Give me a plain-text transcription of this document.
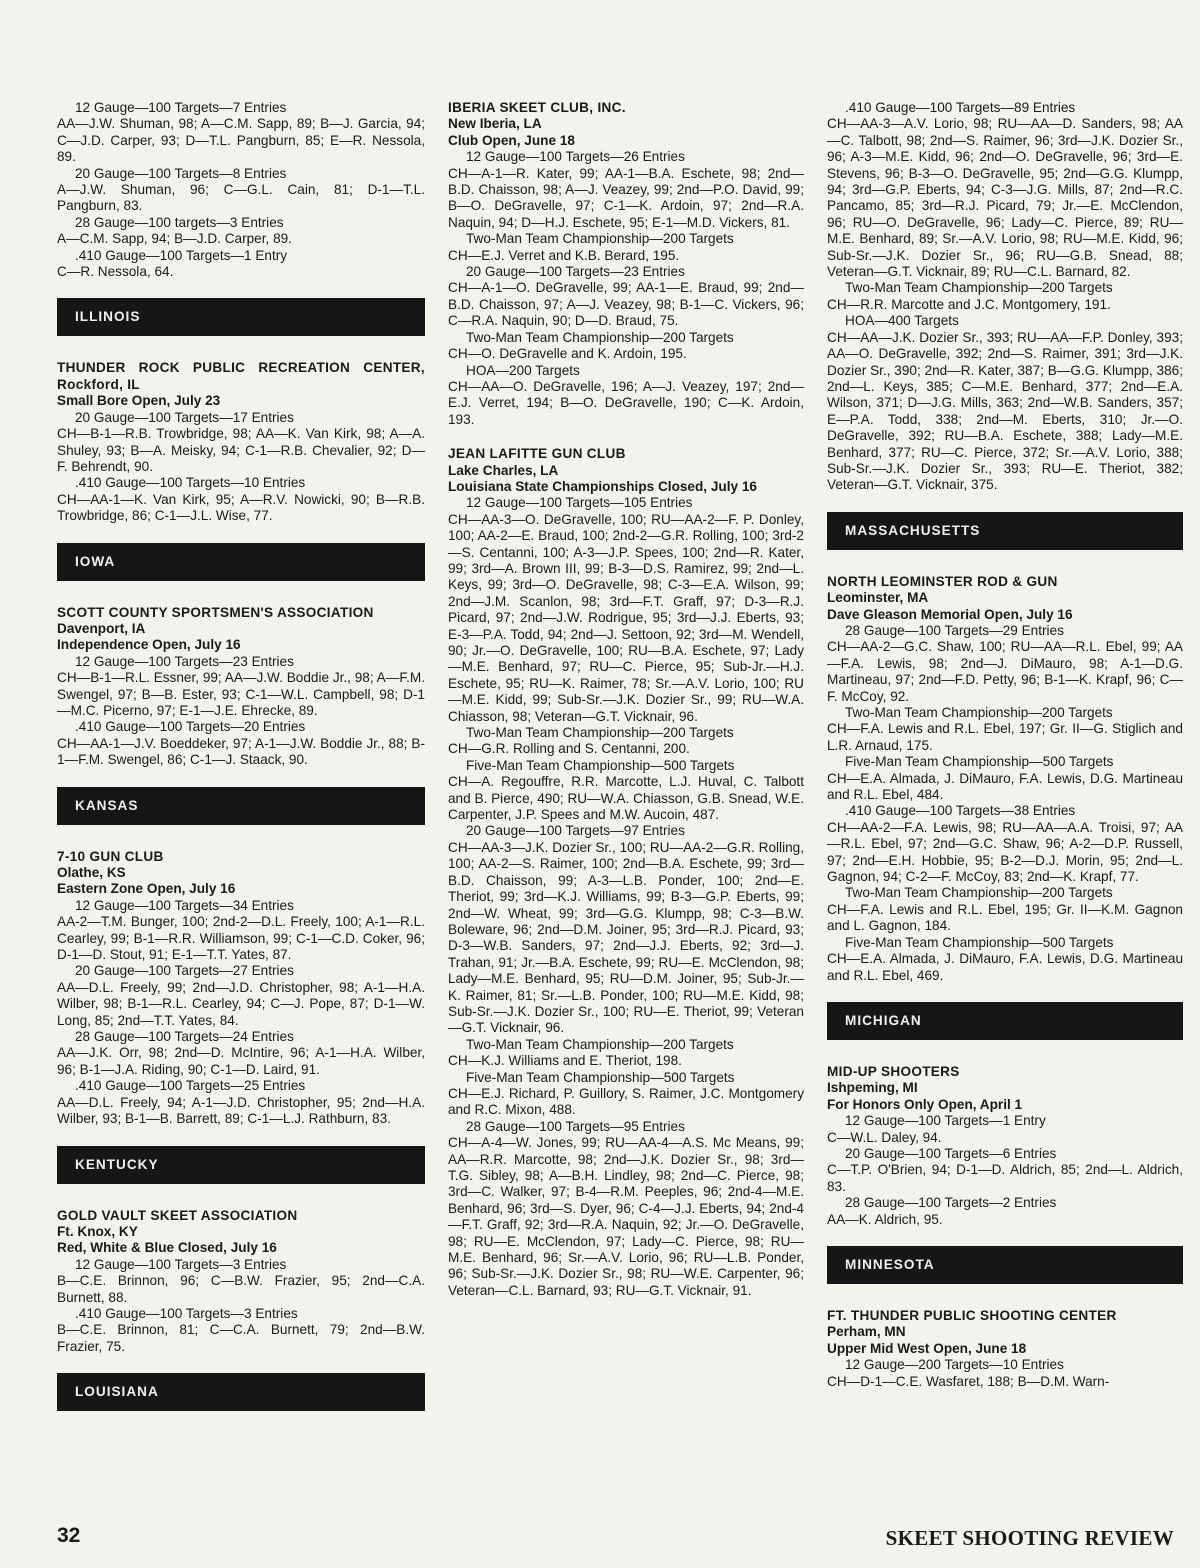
12 Gauge—100 Targets—7 Entries
AA—J.W. Shuman, 98; A—C.M. Sapp, 89; B—J. Garcia, 94; C—J.D. Carper, 93; D—T.L. Pangburn, 85; E—R. Nessola, 89.
20 Gauge—100 Targets—8 Entries
A—J.W. Shuman, 96; C—G.L. Cain, 81; D-1—T.L. Pangburn, 83.
28 Gauge—100 targets—3 Entries
A—C.M. Sapp, 94; B—J.D. Carper, 89.
.410 Gauge—100 Targets—1 Entry
C—R. Nessola, 64.
ILLINOIS
THUNDER ROCK PUBLIC RECREATION CENTER, Rockford, IL
Small Bore Open, July 23
20 Gauge—100 Targets—17 Entries
CH—B-1—R.B. Trowbridge, 98; AA—K. Van Kirk, 98; A—A. Shuley, 93; B—A. Meisky, 94; C-1—R.B. Chevalier, 92; D—F. Behrendt, 90.
.410 Gauge—100 Targets—10 Entries
CH—AA-1—K. Van Kirk, 95; A—R.V. Nowicki, 90; B—R.B. Trowbridge, 86; C-1—J.L. Wise, 77.
IOWA
SCOTT COUNTY SPORTSMEN'S ASSOCIATION
Davenport, IA
Independence Open, July 16
12 Gauge—100 Targets—23 Entries
CH—B-1—R.L. Essner, 99; AA—J.W. Boddie Jr., 98; A—F.M. Swengel, 97; B—B. Ester, 93; C-1—W.L. Campbell, 98; D-1—M.C. Picerno, 97; E-1—J.E. Ehrecke, 89.
.410 Gauge—100 Targets—20 Entries
CH—AA-1—J.V. Boeddeker, 97; A-1—J.W. Boddie Jr., 88; B-1—F.M. Swengel, 86; C-1—J. Staack, 90.
KANSAS
7-10 GUN CLUB
Olathe, KS
Eastern Zone Open, July 16
12 Gauge—100 Targets—34 Entries
AA-2—T.M. Bunger, 100; 2nd-2—D.L. Freely, 100; A-1—R.L. Cearley, 99; B-1—R.R. Williamson, 99; C-1—C.D. Coker, 96; D-1—D. Stout, 91; E-1—T.T. Yates, 87.
20 Gauge—100 Targets—27 Entries
AA—D.L. Freely, 99; 2nd—J.D. Christopher, 98; A-1—H.A. Wilber, 98; B-1—R.L. Cearley, 94; C—J. Pope, 87; D-1—W. Long, 85; 2nd—T.T. Yates, 84.
28 Gauge—100 Targets—24 Entries
AA—J.K. Orr, 98; 2nd—D. McIntire, 96; A-1—H.A. Wilber, 96; B-1—J.A. Riding, 90; C-1—D. Laird, 91.
.410 Gauge—100 Targets—25 Entries
AA—D.L. Freely, 94; A-1—J.D. Christopher, 95; 2nd—H.A. Wilber, 93; B-1—B. Barrett, 89; C-1—L.J. Rathburn, 83.
KENTUCKY
GOLD VAULT SKEET ASSOCIATION
Ft. Knox, KY
Red, White & Blue Closed, July 16
12 Gauge—100 Targets—3 Entries
B—C.E. Brinnon, 96; C—B.W. Frazier, 95; 2nd—C.A. Burnett, 88.
.410 Gauge—100 Targets—3 Entries
B—C.E. Brinnon, 81; C—C.A. Burnett, 79; 2nd—B.W. Frazier, 75.
LOUISIANA
IBERIA SKEET CLUB, INC.
New Iberia, LA
Club Open, June 18
12 Gauge—100 Targets—26 Entries
CH—A-1—R. Kater, 99; AA-1—B.A. Eschete, 98; 2nd—B.D. Chaisson, 98; A—J. Veazey, 99; 2nd—P.O. David, 99; B—O. DeGravelle, 97; C-1—K. Ardoin, 97; 2nd—R.A. Naquin, 94; D—H.J. Eschete, 95; E-1—M.D. Vickers, 81.
Two-Man Team Championship—200 Targets
CH—E.J. Verret and K.B. Berard, 195.
20 Gauge—100 Targets—23 Entries
CH—A-1—O. DeGravelle, 99; AA-1—E. Braud, 99; 2nd—B.D. Chaisson, 97; A—J. Veazey, 98; B-1—C. Vickers, 96; C—R.A. Naquin, 90; D—D. Braud, 75.
Two-Man Team Championship—200 Targets
CH—O. DeGravelle and K. Ardoin, 195.
HOA—200 Targets
CH—AA—O. DeGravelle, 196; A—J. Veazey, 197; 2nd—E.J. Verret, 194; B—O. DeGravelle, 190; C—K. Ardoin, 193.
JEAN LAFITTE GUN CLUB
Lake Charles, LA
Louisiana State Championships Closed, July 16
12 Gauge—100 Targets—105 Entries
CH—AA-3—O. DeGravelle, 100; RU—AA-2—F. P. Donley, 100; AA-2—E. Braud, 100; 2nd-2—G.R. Rolling, 100; 3rd-2—S. Centanni, 100; A-3—J.P. Spees, 100; 2nd—R. Kater, 99; 3rd—A. Brown III, 99; B-3—D.S. Ramirez, 99; 2nd—L. Keys, 99; 3rd—O. DeGravelle, 98; C-3—E.A. Wilson, 99; 2nd—J.M. Scanlon, 98; 3rd—F.T. Graff, 97; D-3—R.J. Picard, 97; 2nd—J.W. Rodrigue, 95; 3rd—J.J. Eberts, 93; E-3—P.A. Todd, 94; 2nd—J. Settoon, 92; 3rd—M. Wendell, 90; Jr.—O. DeGravelle, 100; RU—B.A. Eschete, 97; Lady—M.E. Benhard, 97; RU—C. Pierce, 95; Sub-Jr.—H.J. Eschete, 95; RU—K. Raimer, 78; Sr.—A.V. Lorio, 100; RU—M.E. Kidd, 99; Sub-Sr.—J.K. Dozier Sr., 99; RU—W.A. Chiasson, 98; Veteran—G.T. Vicknair, 96.
Two-Man Team Championship—200 Targets
CH—G.R. Rolling and S. Centanni, 200.
Five-Man Team Championship—500 Targets
CH—A. Regouffre, R.R. Marcotte, L.J. Huval, C. Talbott and B. Pierce, 490; RU—W.A. Chiasson, G.B. Snead, W.E. Carpenter, J.P. Spees and M.W. Aucoin, 487.
20 Gauge—100 Targets—97 Entries
CH—AA-3—J.K. Dozier Sr., 100; RU—AA-2—G.R. Rolling, 100; AA-2—S. Raimer, 100; 2nd—B.A. Eschete, 99; 3rd—B.D. Chaisson, 99; A-3—L.B. Ponder, 100; 2nd—E. Theriot, 99; 3rd—K.J. Williams, 99; B-3—G.P. Eberts, 99; 2nd—W. Wheat, 99; 3rd—G.G. Klumpp, 98; C-3—B.W. Boleware, 96; 2nd—D.M. Joiner, 95; 3rd—R.J. Picard, 93; D-3—W.B. Sanders, 97; 2nd—J.J. Eberts, 92; 3rd—J. Trahan, 91; Jr.—B.A. Eschete, 99; RU—E. McClendon, 98; Lady—M.E. Benhard, 95; RU—D.M. Joiner, 95; Sub-Jr.—K. Raimer, 81; Sr.—L.B. Ponder, 100; RU—M.E. Kidd, 98; Sub-Sr.—J.K. Dozier Sr., 100; RU—E. Theriot, 99; Veteran—G.T. Vicknair, 96.
Two-Man Team Championship—200 Targets
CH—K.J. Williams and E. Theriot, 198.
Five-Man Team Championship—500 Targets
CH—E.J. Richard, P. Guillory, S. Raimer, J.C. Montgomery and R.C. Mixon, 488.
28 Gauge—100 Targets—95 Entries
CH—A-4—W. Jones, 99; RU—AA-4—A.S. Mc Means, 99; AA—R.R. Marcotte, 98; 2nd—J.K. Dozier Sr., 98; 3rd—T.G. Sibley, 98; A—B.H. Lindley, 98; 2nd—C. Pierce, 98; 3rd—C. Walker, 97; B-4—R.M. Peeples, 96; 2nd-4—M.E. Benhard, 96; 3rd—S. Dyer, 96; C-4—J.J. Eberts, 94; 2nd-4—F.T. Graff, 92; 3rd—R.A. Naquin, 92; Jr.—O. DeGravelle, 98; RU—E. McClendon, 97; Lady—C. Pierce, 98; RU—M.E. Benhard, 96; Sr.—A.V. Lorio, 96; RU—L.B. Ponder, 96; Sub-Sr.—J.K. Dozier Sr., 98; RU—W.E. Carpenter, 96; Veteran—C.L. Barnard, 93; RU—G.T. Vicknair, 91.
.410 Gauge—100 Targets—89 Entries
CH—AA-3—A.V. Lorio, 98; RU—AA—D. Sanders, 98; AA—C. Talbott, 98; 2nd—S. Raimer, 96; 3rd—J.K. Dozier Sr., 96; A-3—M.E. Kidd, 96; 2nd—O. DeGravelle, 96; 3rd—E. Stevens, 96; B-3—O. DeGravelle, 95; 2nd—G.G. Klumpp, 94; 3rd—G.P. Eberts, 94; C-3—J.G. Mills, 87; 2nd—R.C. Pancamo, 85; 3rd—R.J. Picard, 79; Jr.—E. McClendon, 96; RU—O. DeGravelle, 96; Lady—C. Pierce, 89; RU—M.E. Benhard, 89; Sr.—A.V. Lorio, 98; RU—M.E. Kidd, 96; Sub-Sr.—J.K. Dozier Sr., 96; RU—G.B. Snead, 88; Veteran—G.T. Vicknair, 89; RU—C.L. Barnard, 82.
Two-Man Team Championship—200 Targets
CH—R.R. Marcotte and J.C. Montgomery, 191.
HOA—400 Targets
CH—AA—J.K. Dozier Sr., 393; RU—AA—F.P. Donley, 393; AA—O. DeGravelle, 392; 2nd—S. Raimer, 391; 3rd—J.K. Dozier Sr., 390; 2nd—R. Kater, 387; B—G.G. Klumpp, 386; 2nd—L. Keys, 385; C—M.E. Benhard, 377; 2nd—E.A. Wilson, 371; D—J.G. Mills, 363; 2nd—W.B. Sanders, 357; E—P.A. Todd, 338; 2nd—M. Eberts, 310; Jr.—O. DeGravelle, 392; RU—B.A. Eschete, 388; Lady—M.E. Benhard, 377; RU—C. Pierce, 372; Sr.—A.V. Lorio, 388; Sub-Sr.—J.K. Dozier Sr., 393; RU—E. Theriot, 382; Veteran—G.T. Vicknair, 375.
MASSACHUSETTS
NORTH LEOMINSTER ROD & GUN
Leominster, MA
Dave Gleason Memorial Open, July 16
28 Gauge—100 Targets—29 Entries
CH—AA-2—G.C. Shaw, 100; RU—AA—R.L. Ebel, 99; AA—F.A. Lewis, 98; 2nd—J. DiMauro, 98; A-1—D.G. Martineau, 97; 2nd—F.D. Petty, 96; B-1—K. Krapf, 96; C—F. McCoy, 92.
Two-Man Team Championship—200 Targets
CH—F.A. Lewis and R.L. Ebel, 197; Gr. II—G. Stiglich and L.R. Arnaud, 175.
Five-Man Team Championship—500 Targets
CH—E.A. Almada, J. DiMauro, F.A. Lewis, D.G. Martineau and R.L. Ebel, 484.
.410 Gauge—100 Targets—38 Entries
CH—AA-2—F.A. Lewis, 98; RU—AA—A.A. Troisi, 97; AA—R.L. Ebel, 97; 2nd—G.C. Shaw, 96; A-2—D.P. Russell, 97; 2nd—E.H. Hobbie, 95; B-2—D.J. Morin, 95; 2nd—L. Gagnon, 94; C-2—F. McCoy, 83; 2nd—K. Krapf, 77.
Two-Man Team Championship—200 Targets
CH—F.A. Lewis and R.L. Ebel, 195; Gr. II—K.M. Gagnon and L. Gagnon, 184.
Five-Man Team Championship—500 Targets
CH—E.A. Almada, J. DiMauro, F.A. Lewis, D.G. Martineau and R.L. Ebel, 469.
MICHIGAN
MID-UP SHOOTERS
Ishpeming, MI
For Honors Only Open, April 1
12 Gauge—100 Targets—1 Entry
C—W.L. Daley, 94.
20 Gauge—100 Targets—6 Entries
C—T.P. O'Brien, 94; D-1—D. Aldrich, 85; 2nd—L. Aldrich, 83.
28 Gauge—100 Targets—2 Entries
AA—K. Aldrich, 95.
MINNESOTA
FT. THUNDER PUBLIC SHOOTING CENTER
Perham, MN
Upper Mid West Open, June 18
12 Gauge—200 Targets—10 Entries
CH—D-1—C.E. Wasfaret, 188; B—D.M. Warn-
32	SKEET SHOOTING REVIEW
